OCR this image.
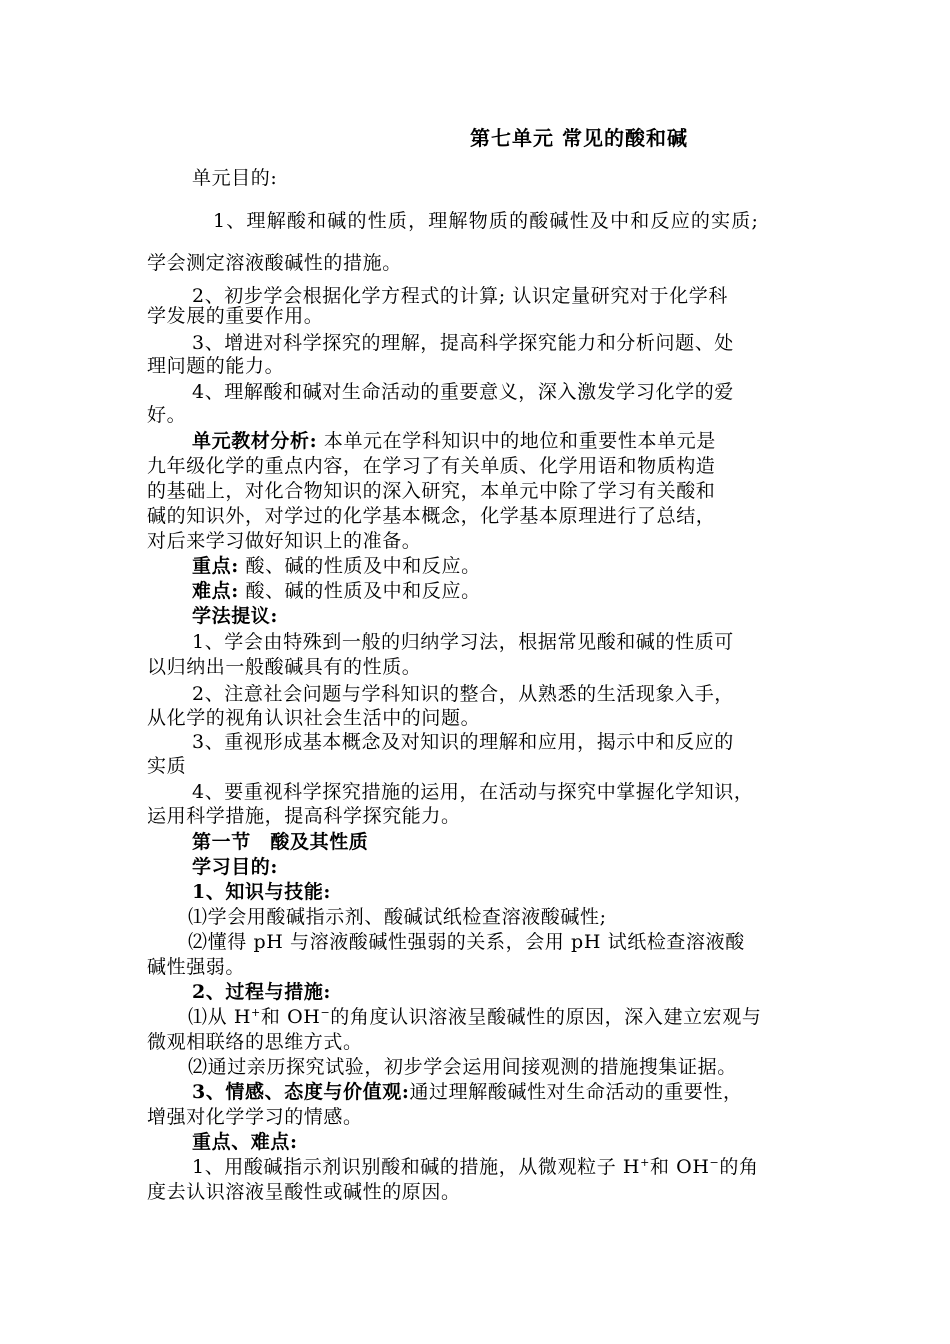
第七单元 常见的酸和碱
单元目的:
1、理解酸和碱的性质，理解物质的酸碱性及中和反应的实质;
学会测定溶液酸碱性的措施。
2、初步学会根据化学方程式的计算; 认识定量研究对于化学科
学发展的重要作用。
3、增进对科学探究的理解，提高科学探究能力和分析问题、处
理问题的能力。
4、理解酸和碱对生命活动的重要意义，深入激发学习化学的爱
好。
单元教材分析: 本单元在学科知识中的地位和重要性本单元是
九年级化学的重点内容，在学习了有关单质、化学用语和物质构造
的基础上，对化合物知识的深入研究，本单元中除了学习有关酸和
碱的知识外，对学过的化学基本概念，化学基本原理进行了总结，
对后来学习做好知识上的准备。
重点: 酸、碱的性质及中和反应。
难点: 酸、碱的性质及中和反应。
学法提议:
1、学会由特殊到一般的归纳学习法，根据常见酸和碱的性质可
以归纳出一般酸碱具有的性质。
2、注意社会问题与学科知识的整合，从熟悉的生活现象入手，
从化学的视角认识社会生活中的问题。
3、重视形成基本概念及对知识的理解和应用，揭示中和反应的
实质
4、要重视科学探究措施的运用，在活动与探究中掌握化学知识，
运用科学措施，提高科学探究能力。
第一节　酸及其性质
学习目的:
1、知识与技能:
⑴学会用酸碱指示剂、酸碱试纸检查溶液酸碱性;
⑵懂得 pH 与溶液酸碱性强弱的关系，会用 pH 试纸检查溶液酸
碱性强弱。
2、过程与措施:
⑴从 H+和 OH−的角度认识溶液呈酸碱性的原因，深入建立宏观与
微观相联络的思维方式。
⑵通过亲历探究试验，初步学会运用间接观测的措施搜集证据。
3、情感、态度与价值观:通过理解酸碱性对生命活动的重要性，
增强对化学学习的情感。
重点、难点:
1、用酸碱指示剂识别酸和碱的措施，从微观粒子 H+和 OH−的角
度去认识溶液呈酸性或碱性的原因。
